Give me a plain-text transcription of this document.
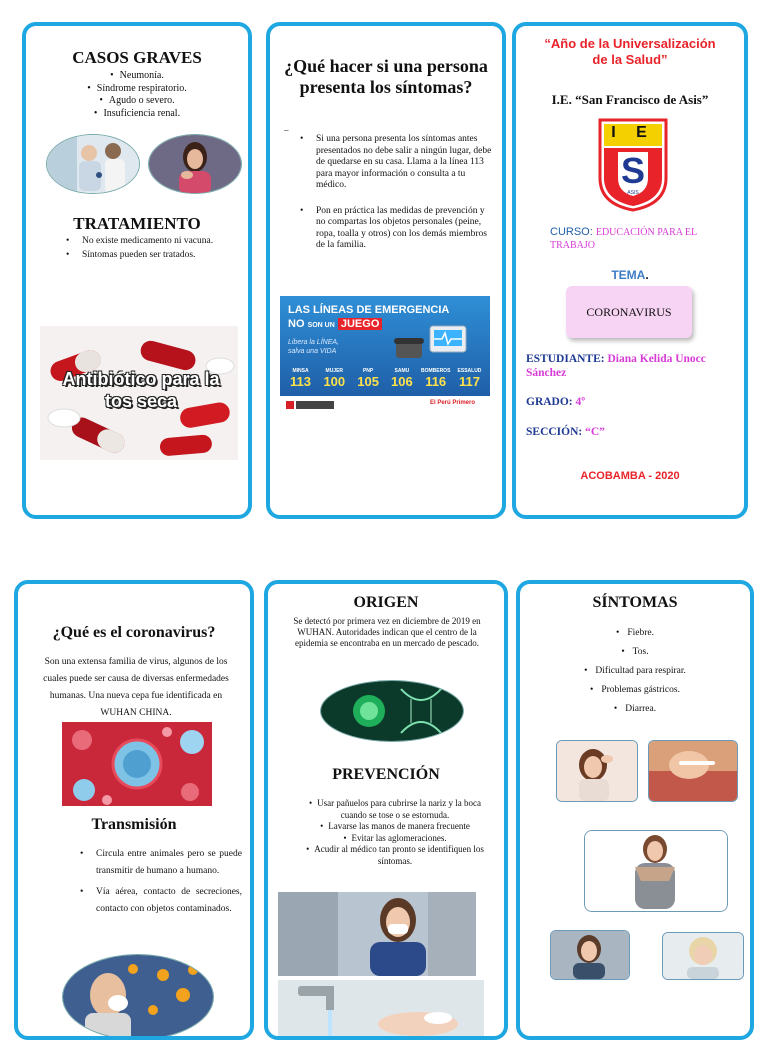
CASOS GRAVES
• Neumonía.
• Síndrome respiratorio.
• Agudo o severo.
• Insuficiencia renal.
TRATAMIENTO
• No existe medicamento ni vacuna.
• Síntomas pueden ser tratados.
Antibiótico para la tos seca
¿Qué hacer si una persona presenta los síntomas?
_
• Si una persona presenta los síntomas antes presentados no debe salir a ningún lugar, debe de quedarse en su casa. Llama a la línea 113 para mayor información o consulta a tu médico.
• Pon en práctica las medidas de prevención y no compartas los objetos personales (peine, ropa, toalla y otros) con los demás miembros de la familia.
LAS LÍNEAS DE EMERGENCIA
NO SON UN JUEGO
Libera la LÍNEA,
salva una VIDA
MINSA
113
MUJER
100
PNP
105
SAMU
106
BOMBEROS
116
ESSALUD
117
El Perú Primero
“Año de la Universalización
de la Salud”
I.E. “San Francisco de Asis”
I E
S
ASIS
CURSO: EDUCACIÓN PARA EL TRABAJO
TEMA.
CORONAVIRUS
ESTUDIANTE: Diana Kelida Unocc Sánchez
GRADO: 4º
SECCIÓN: “C”
ACOBAMBA - 2020
¿Qué es el coronavirus?
Son una extensa familia de virus, algunos de los cuales puede ser causa de diversas enfermedades humanas. Una nueva cepa fue identificada en WUHAN CHINA.
Transmisión
• Circula entre animales pero se puede transmitir de humano a humano.
• Vía aérea, contacto de secreciones, contacto con objetos contaminados.
ORIGEN
Se detectó por primera vez en diciembre de 2019 en WUHAN. Autoridades indican que el centro de la epidemia se encontraba en un mercado de pescado.
PREVENCIÓN
• Usar pañuelos para cubrirse la nariz y la boca cuando se tose o se estornuda.
• Lavarse las manos de manera frecuente
• Evitar las aglomeraciones.
• Acudir al médico tan pronto se identifiquen los síntomas.
SÍNTOMAS
• Fiebre.
• Tos.
• Dificultad para respirar.
• Problemas gástricos.
• Diarrea.
